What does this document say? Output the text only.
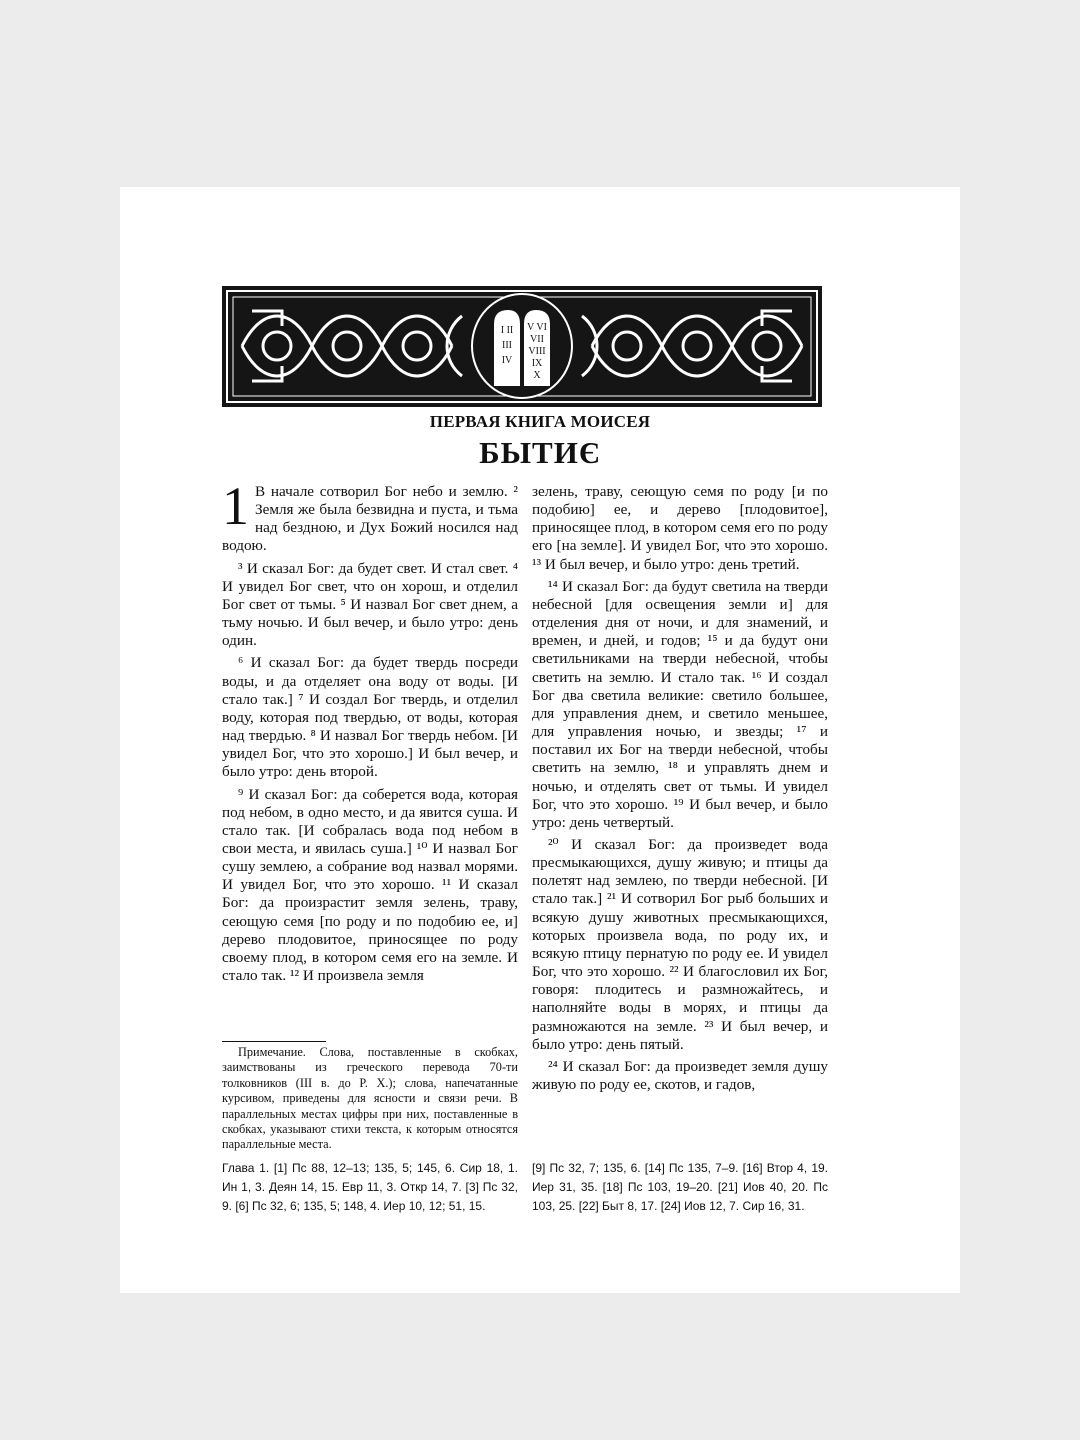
I II
III
IV
V VI
VII
VIII
IX
X
ПЕРВАЯ КНИГА МОИСЕЯ
БЫТИЄ

1 В начале сотворил Бог небо и землю. ² Земля же была безвидна и пуста, и тьма над бездною, и Дух Божий носился над водою.

³ И сказал Бог: да будет свет. И стал свет. ⁴ И увидел Бог свет, что он хорош, и отделил Бог свет от тьмы. ⁵ И назвал Бог свет днем, а тьму ночью. И был вечер, и было утро: день один.

⁶ И сказал Бог: да будет твердь посреди воды, и да отделяет она воду от воды. [И стало так.] ⁷ И создал Бог твердь, и отделил воду, которая под твердью, от воды, которая над твердью. ⁸ И назвал Бог твердь небом. [И увидел Бог, что это хорошо.] И был вечер, и было утро: день второй.

⁹ И сказал Бог: да соберется вода, которая под небом, в одно место, и да явится суша. И стало так. [И собралась вода под небом в свои места, и явилась суша.] ¹⁰ И назвал Бог сушу землею, а собрание вод назвал морями. И увидел Бог, что это хорошо. ¹¹ И сказал Бог: да произрастит земля зелень, траву, сеющую семя [по роду и по подобию ее, и] дерево плодовитое, приносящее по роду своему плод, в котором семя его на земле. И стало так. ¹² И произвела земля

зелень, траву, сеющую семя по роду [и по подобию] ее, и дерево [плодовитое], приносящее плод, в котором семя его по роду его [на земле]. И увидел Бог, что это хорошо. ¹³ И был вечер, и было утро: день третий.

¹⁴ И сказал Бог: да будут светила на тверди небесной [для освещения земли и] для отделения дня от ночи, и для знамений, и времен, и дней, и годов; ¹⁵ и да будут они светильниками на тверди небесной, чтобы светить на землю. И стало так. ¹⁶ И создал Бог два светила великие: светило большее, для управления днем, и светило меньшее, для управления ночью, и звезды; ¹⁷ и поставил их Бог на тверди небесной, чтобы светить на землю, ¹⁸ и управлять днем и ночью, и отделять свет от тьмы. И увидел Бог, что это хорошо. ¹⁹ И был вечер, и было утро: день четвертый.

²⁰ И сказал Бог: да произведет вода пресмыкающихся, душу живую; и птицы да полетят над землею, по тверди небесной. [И стало так.] ²¹ И сотворил Бог рыб больших и всякую душу животных пресмыкающихся, которых произвела вода, по роду их, и всякую птицу пернатую по роду ее. И увидел Бог, что это хорошо. ²² И благословил их Бог, говоря: плодитесь и размножайтесь, и наполняйте воды в морях, и птицы да размножаются на земле. ²³ И был вечер, и было утро: день пятый.

²⁴ И сказал Бог: да произведет земля душу живую по роду ее, скотов, и гадов,

Примечание. Слова, поставленные в скобках, заимствованы из греческого перевода 70-ти толковников (III в. до Р. Х.); слова, напечатанные курсивом, приведены для ясности и связи речи. В параллельных местах цифры при них, поставленные в скобках, указывают стихи текста, к которым относятся параллельные места.
Глава 1. [1] Пс 88, 12–13; 135, 5; 145, 6. Сир 18, 1. Ин 1, 3. Деян 14, 15. Евр 11, 3. Откр 14, 7. [3] Пс 32, 9. [6] Пс 32, 6; 135, 5; 148, 4. Иер 10, 12; 51, 15.
[9] Пс 32, 7; 135, 6. [14] Пс 135, 7–9. [16] Втор 4, 19. Иер 31, 35. [18] Пс 103, 19–20. [21] Иов 40, 20. Пс 103, 25. [22] Быт 8, 17. [24] Иов 12, 7. Сир 16, 31.
